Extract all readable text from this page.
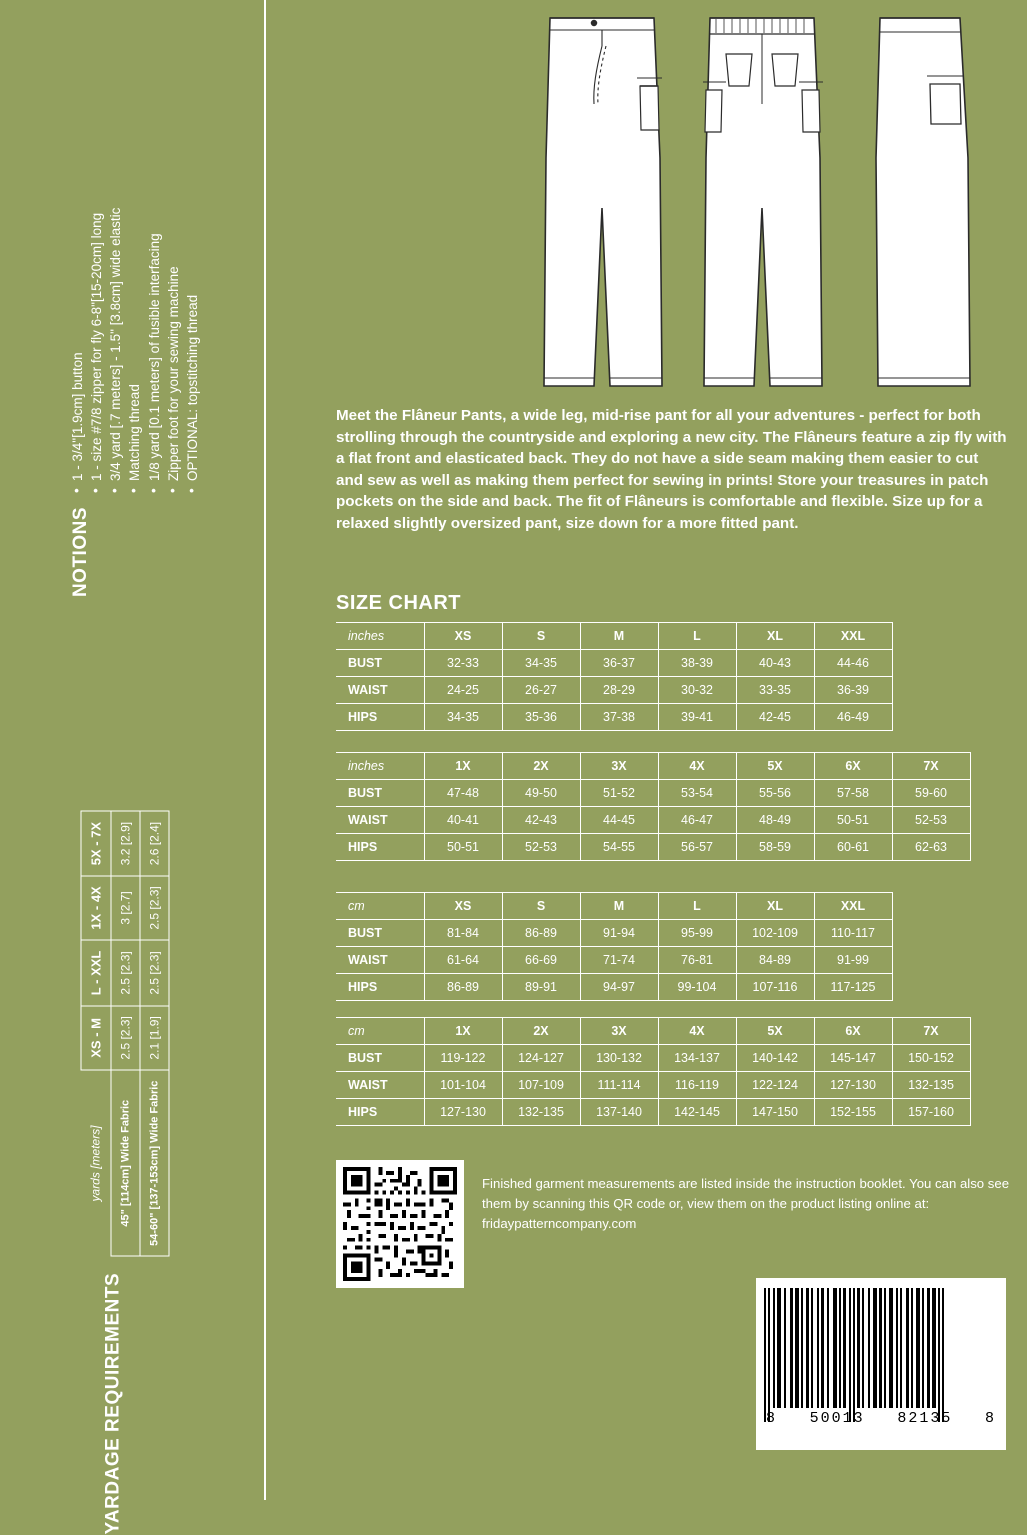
NOTIONS
• 1 - 3/4"[1.9cm] button • 1 - size #7/8 zipper for fly 6-8"[15-20cm] long • 3/4 yard [.7 meters] - 1.5" [3.8cm] wide elastic • Matching thread • 1/8 yard [0.1 meters] of fusible interfacing • Zipper foot for your sewing machine • OPTIONAL: topstitching thread
YARDAGE REQUIREMENTS
yards [meters]	XS - M	L - XXL	1X - 4X	5X - 7X
45" [114cm] Wide Fabric	2.5 [2.3]	2.5 [2.3]	3 [2.7]	3.2 [2.9]
54-60" [137-153cm] Wide Fabric	2.1 [1.9]	2.5 [2.3]	2.5 [2.3]	2.6 [2.4]
Meet the Flâneur Pants, a wide leg, mid-rise pant for all your adventures - perfect for both strolling through the countryside and exploring a new city. The Flâneurs feature a zip fly with a flat front and elasticated back. They do not have a side seam making them easier to cut and sew as well as making them perfect for sewing in prints! Store your treasures in patch pockets on the side and back. The fit of Flâneurs is comfortable and flexible. Size up for a relaxed slightly oversized pant, size down for a more fitted pant.
SIZE CHART
inches	XS	S	M	L	XL	XXL
BUST	32-33	34-35	36-37	38-39	40-43	44-46
WAIST	24-25	26-27	28-29	30-32	33-35	36-39
HIPS	34-35	35-36	37-38	39-41	42-45	46-49
inches	1X	2X	3X	4X	5X	6X	7X
BUST	47-48	49-50	51-52	53-54	55-56	57-58	59-60
WAIST	40-41	42-43	44-45	46-47	48-49	50-51	52-53
HIPS	50-51	52-53	54-55	56-57	58-59	60-61	62-63
cm	XS	S	M	L	XL	XXL
BUST	81-84	86-89	91-94	95-99	102-109	110-117
WAIST	61-64	66-69	71-74	76-81	84-89	91-99
HIPS	86-89	89-91	94-97	99-104	107-116	117-125
cm	1X	2X	3X	4X	5X	6X	7X
BUST	119-122	124-127	130-132	134-137	140-142	145-147	150-152
WAIST	101-104	107-109	111-114	116-119	122-124	127-130	132-135
HIPS	127-130	132-135	137-140	142-145	147-150	152-155	157-160
Finished garment measurements are listed inside the instruction booklet. You can also see them by scanning this QR code or, view them on the product listing online at: fridaypatterncompany.com
8 50013 82135 8
